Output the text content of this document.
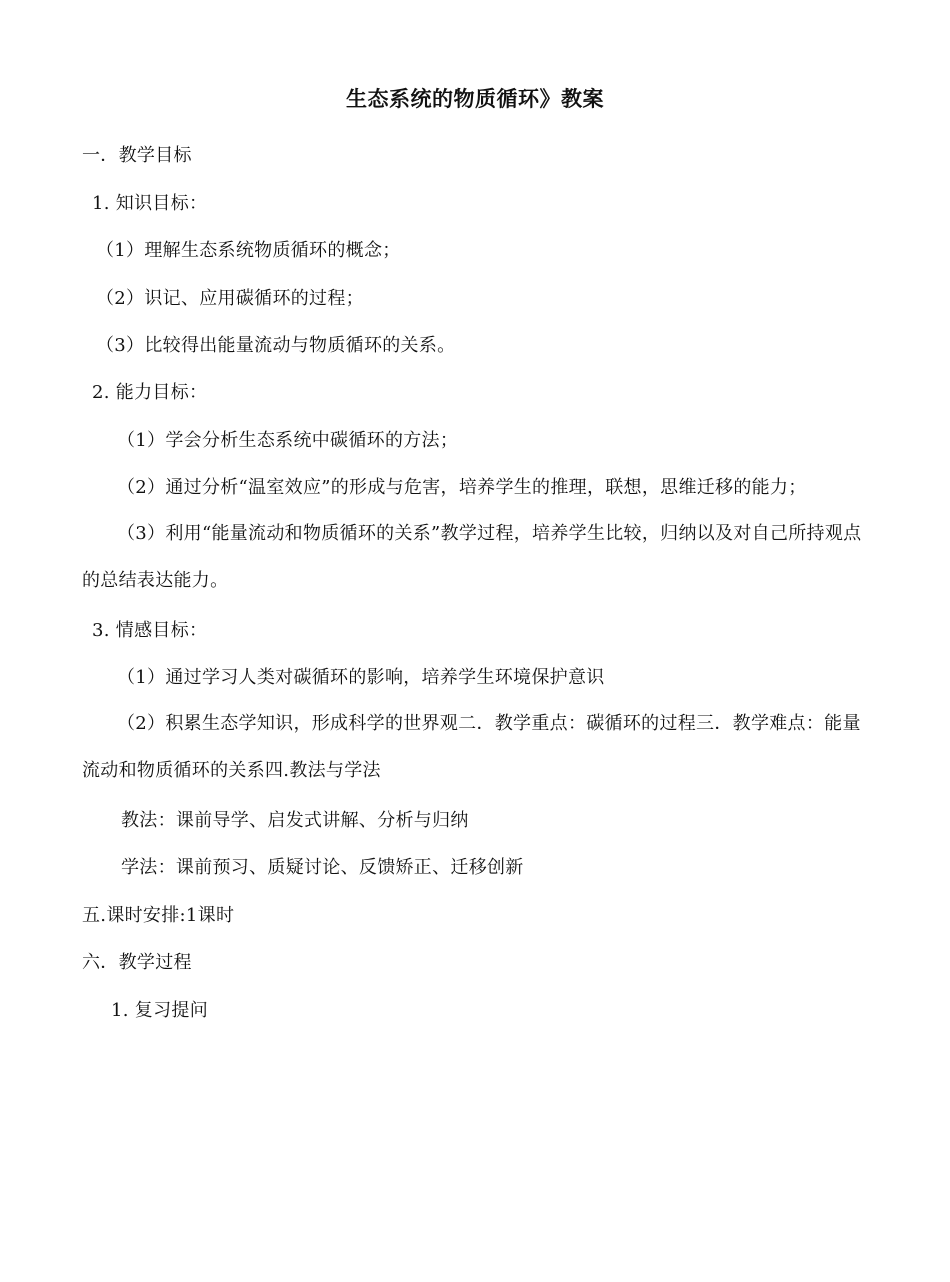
生态系统的物质循环》教案
一．教学目标
1. 知识目标：
（1）理解生态系统物质循环的概念；
（2）识记、应用碳循环的过程；
（3）比较得出能量流动与物质循环的关系。
2. 能力目标：
（1）学会分析生态系统中碳循环的方法；
（2）通过分析“温室效应”的形成与危害，培养学生的推理，联想，思维迁移的能力；
（3）利用“能量流动和物质循环的关系”教学过程，培养学生比较，归纳以及对自己所持观点的总结表达能力。
3. 情感目标：
（1）通过学习人类对碳循环的影响，培养学生环境保护意识
（2）积累生态学知识，形成科学的世界观二．教学重点：碳循环的过程三．教学难点：能量流动和物质循环的关系四.教法与学法
教法：课前导学、启发式讲解、分析与归纳
学法：课前预习、质疑讨论、反馈矫正、迁移创新
五.课时安排:1课时
六．教学过程
1. 复习提问
